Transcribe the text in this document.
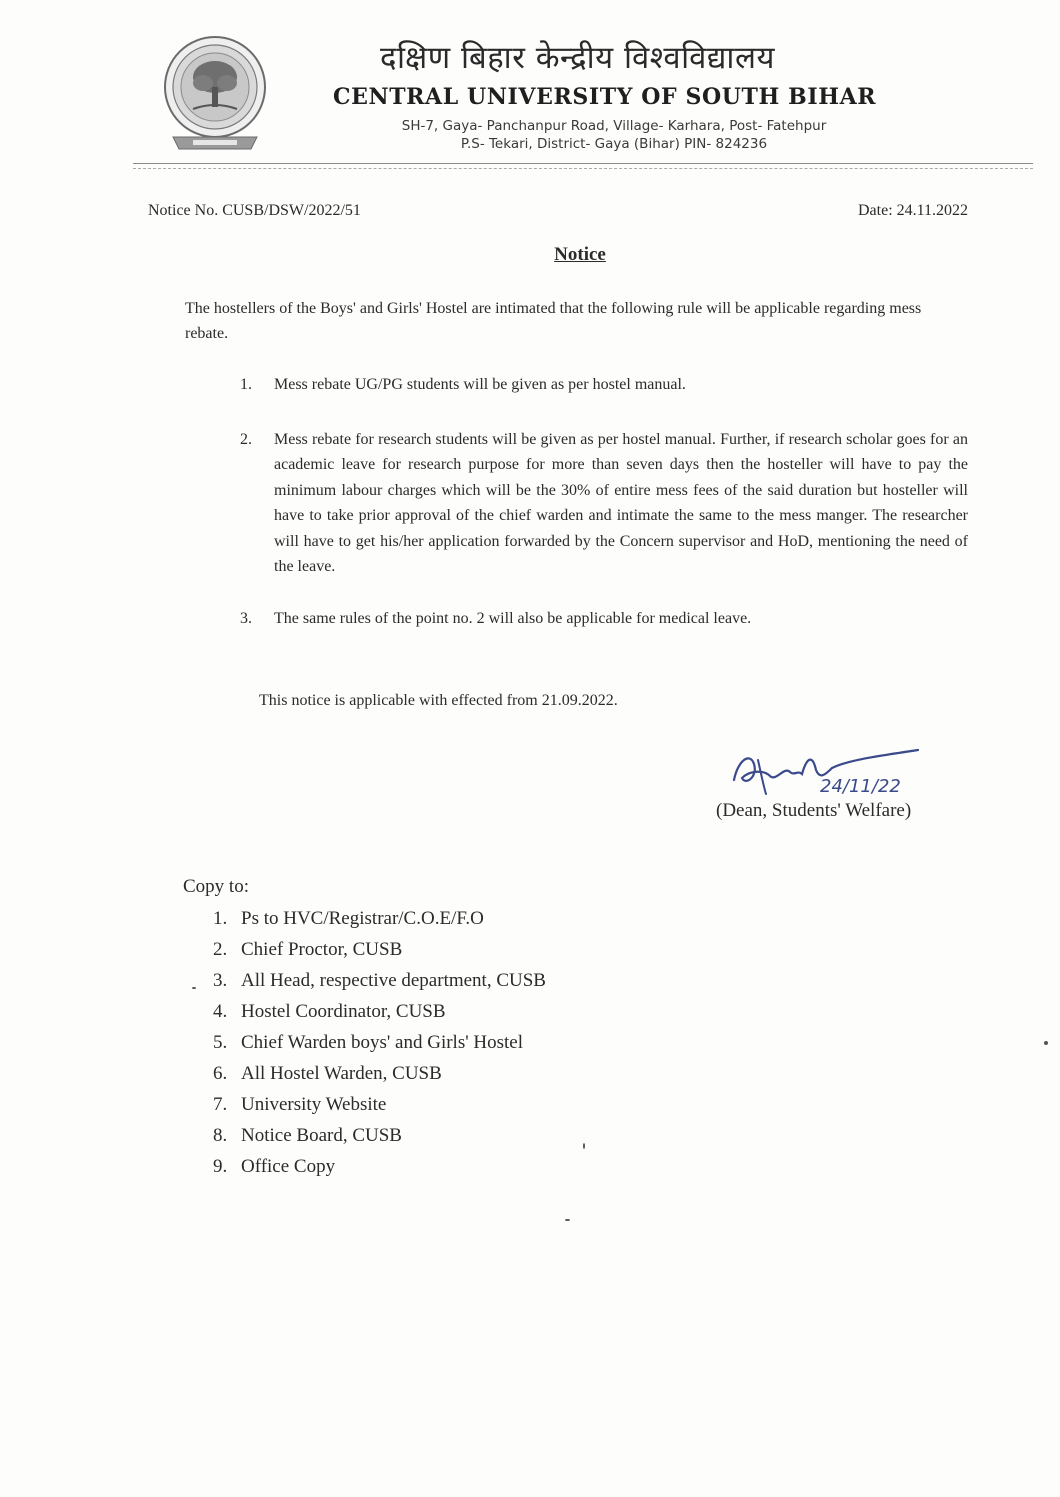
दक्षिण बिहार केन्द्रीय विश्वविद्यालय
CENTRAL UNIVERSITY OF SOUTH BIHAR
SH-7, Gaya- Panchanpur Road, Village- Karhara, Post- Fatehpur
P.S- Tekari, District- Gaya (Bihar) PIN- 824236
Notice No. CUSB/DSW/2022/51	Date: 24.11.2022
Notice
The hostellers of the Boys' and Girls' Hostel are intimated that the following rule will be applicable regarding mess rebate.
1. Mess rebate UG/PG students will be given as per hostel manual.
2. Mess rebate for research students will be given as per hostel manual. Further, if research scholar goes for an academic leave for research purpose for more than seven days then the hosteller will have to pay the minimum labour charges which will be the 30% of entire mess fees of the said duration but hosteller will have to take prior approval of the chief warden and intimate the same to the mess manger. The researcher will have to get his/her application forwarded by the Concern supervisor and HoD, mentioning the need of the leave.
3. The same rules of the point no. 2 will also be applicable for medical leave.
This notice is applicable with effected from 21.09.2022.
24/11/22
(Dean, Students' Welfare)
Copy to:
1. Ps to HVC/Registrar/C.O.E/F.O
2. Chief Proctor, CUSB
3. All Head, respective department, CUSB
4. Hostel Coordinator, CUSB
5. Chief Warden boys' and Girls' Hostel
6. All Hostel Warden, CUSB
7. University Website
8. Notice Board, CUSB
9. Office Copy
